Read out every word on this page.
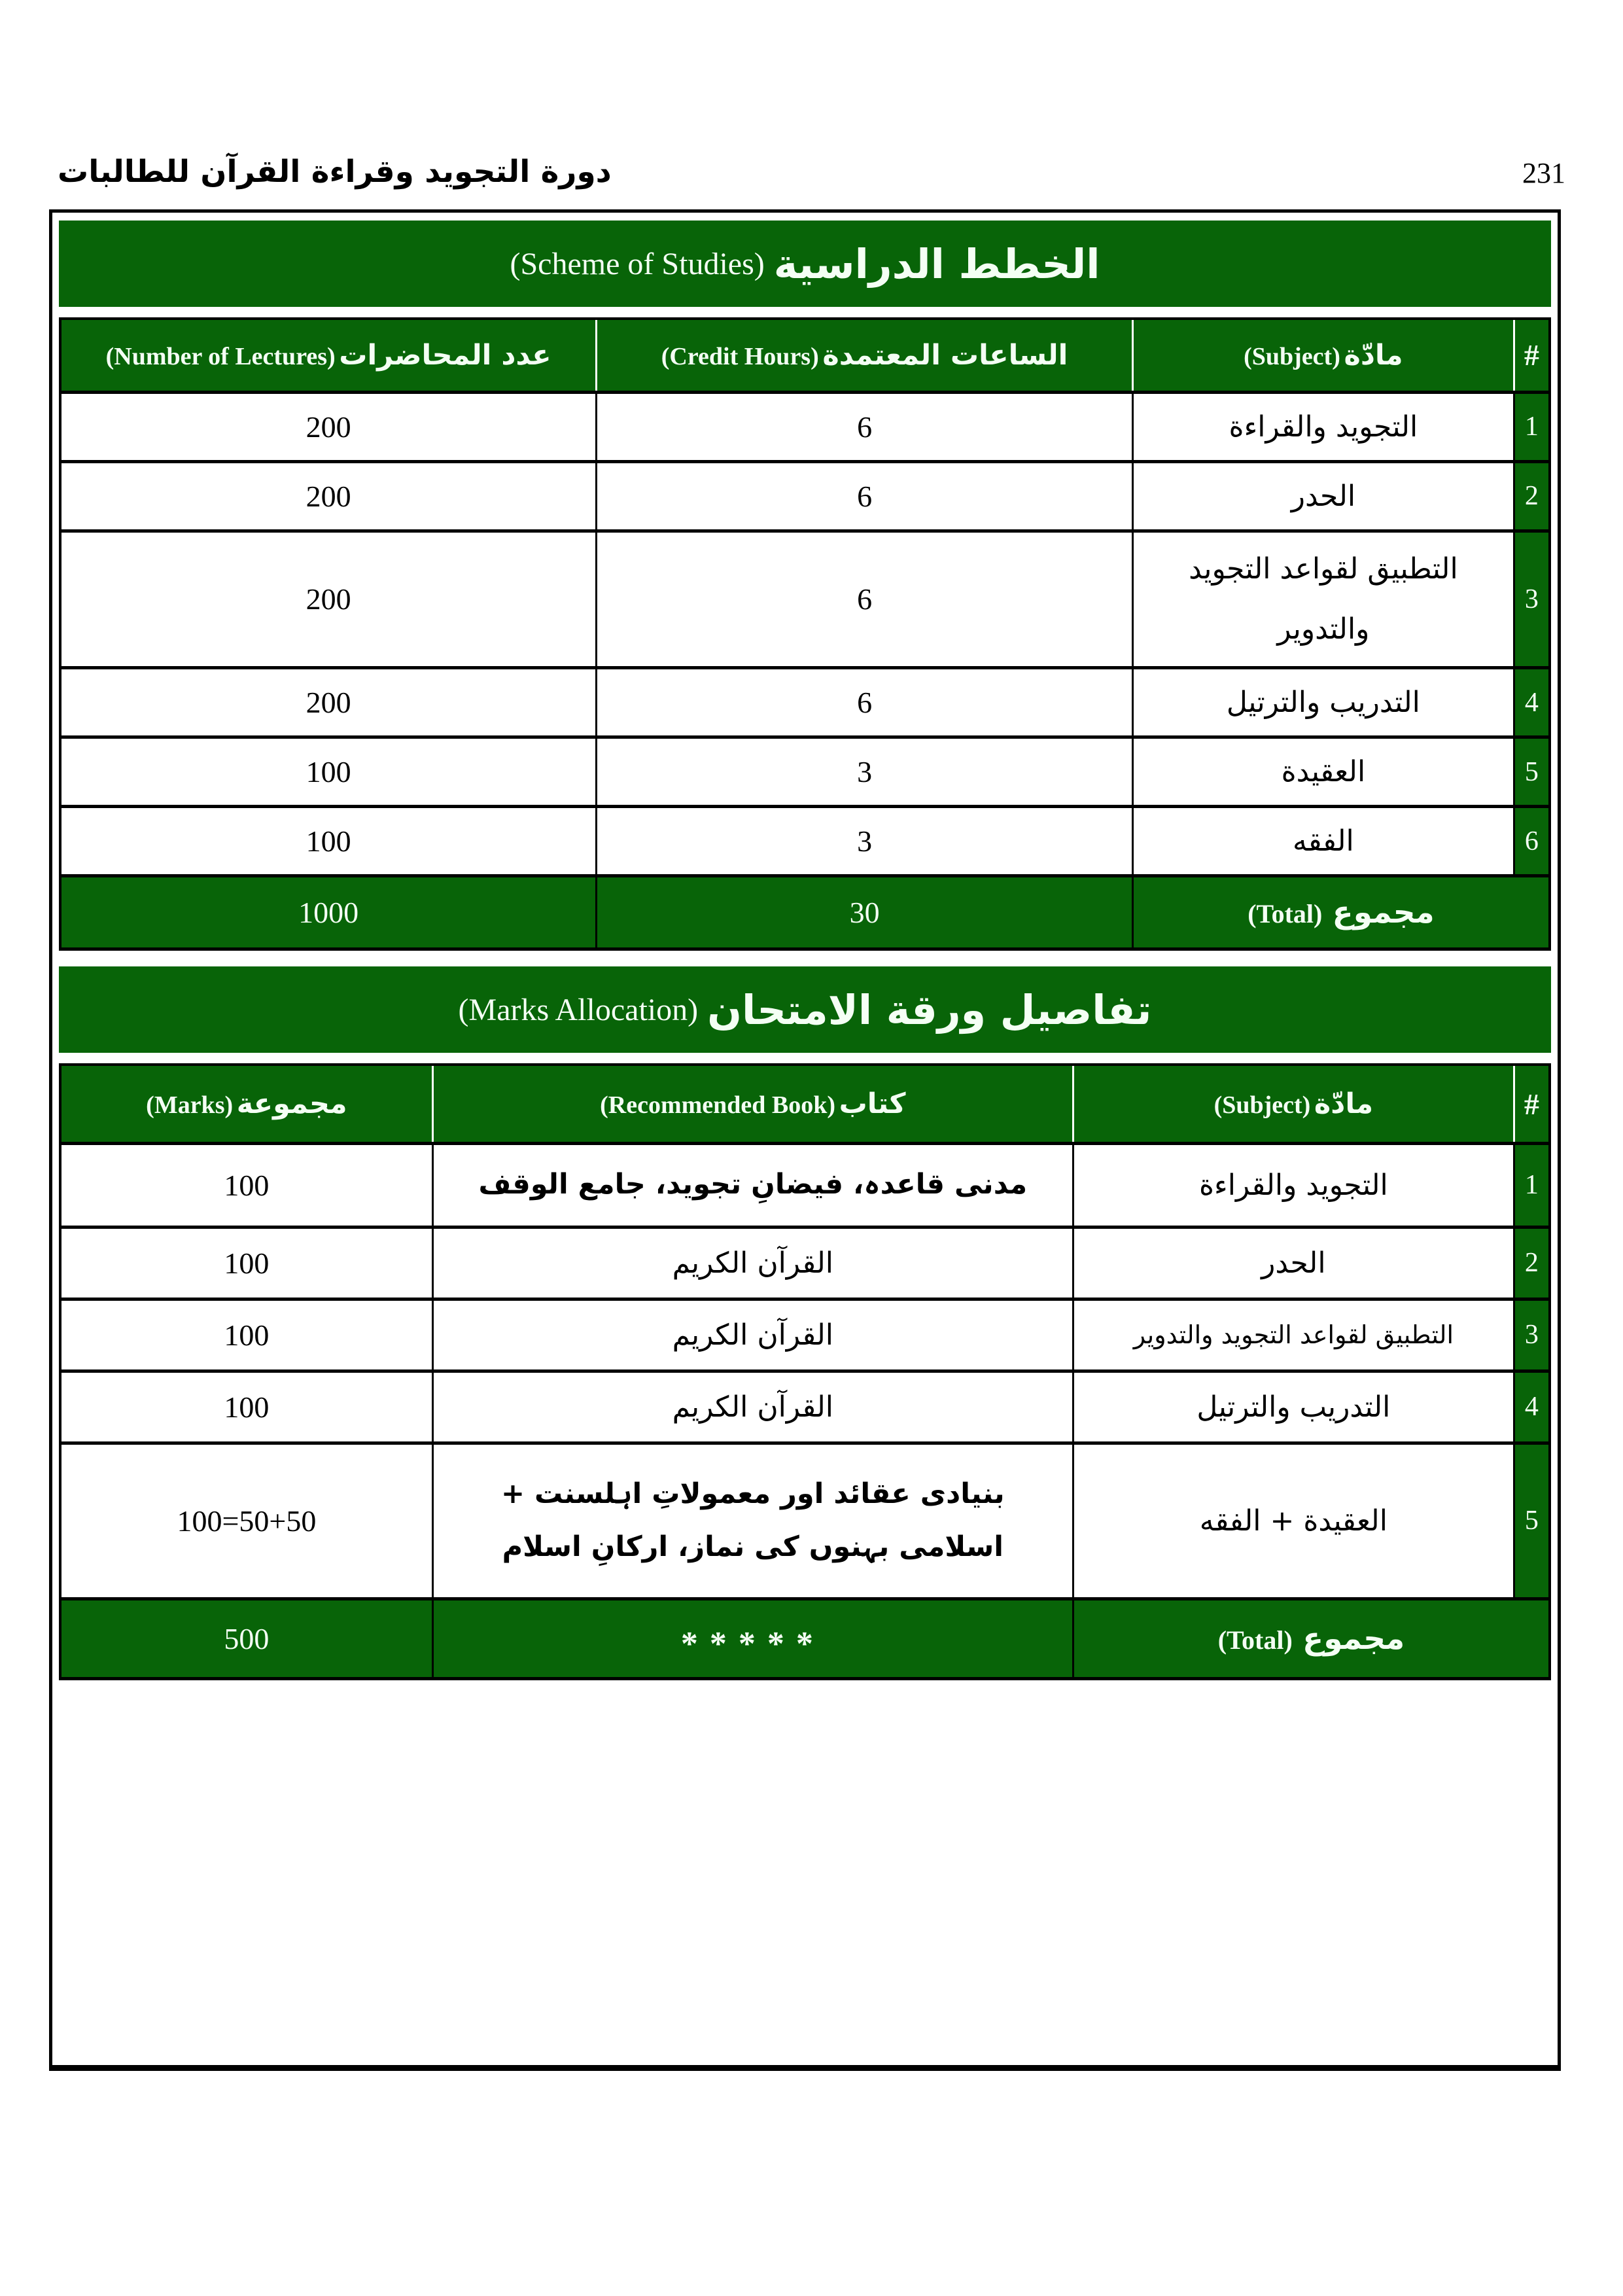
دورة التجويد وقراءة القرآن للطالبات	231
الخطط الدراسية
(Scheme of Studies)
#	مادّة (Subject)	الساعات المعتمدة (Credit Hours)	عدد المحاضرات (Number of Lectures)
1	التجويد والقراءة	6	200
2	الحدر	6	200
3	التطبيق لقواعد التجويد والتدوير	6	200
4	التدريب والترتيل	6	200
5	العقيدة	3	100
6	الفقه	3	100
مجموع (Total)		30	1000
تفاصيل ورقة الامتحان
(Marks Allocation)
#	مادّة (Subject)	كتاب (Recommended Book)	مجموعة (Marks)
1	التجويد والقراءة	مدنی قاعدہ، فیضانِ تجوید، جامع الوقف	100
2	الحدر	القرآن الكريم	100
3	التطبيق لقواعد التجويد والتدوير	القرآن الكريم	100
4	التدريب والترتيل	القرآن الكريم	100
5	العقيدة + الفقه	بنیادی عقائد اور معمولاتِ اہلسنت + اسلامی بہنوں کی نماز، ارکانِ اسلام	100=50+50
مجموع (Total)		*****	500
